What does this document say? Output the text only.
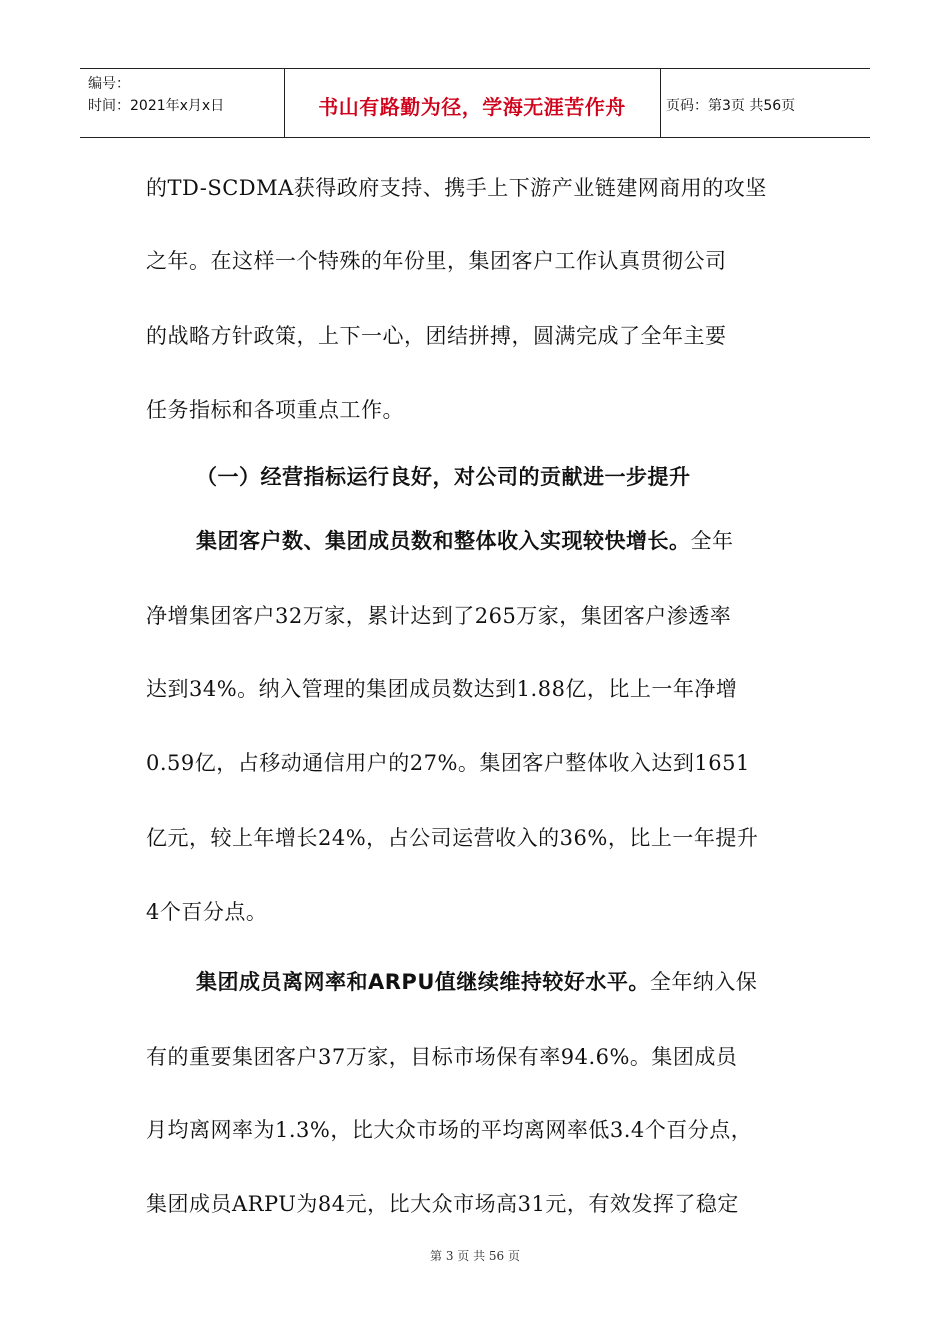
编号：
时间：2021年x月x日	书山有路勤为径，学海无涯苦作舟	页码：第3页 共56页
的TD-SCDMA获得政府支持、携手上下游产业链建网商用的攻坚
之年。在这样一个特殊的年份里，集团客户工作认真贯彻公司
的战略方针政策，上下一心，团结拼搏，圆满完成了全年主要
任务指标和各项重点工作。
（一）经营指标运行良好，对公司的贡献进一步提升
集团客户数、集团成员数和整体收入实现较快增长。全年
净增集团客户32万家，累计达到了265万家，集团客户渗透率
达到34%。纳入管理的集团成员数达到1.88亿，比上一年净增
0.59亿，占移动通信用户的27%。集团客户整体收入达到1651
亿元，较上年增长24%，占公司运营收入的36%，比上一年提升
4个百分点。
集团成员离网率和ARPU值继续维持较好水平。全年纳入保
有的重要集团客户37万家，目标市场保有率94.6%。集团成员
月均离网率为1.3%，比大众市场的平均离网率低3.4个百分点，
集团成员ARPU为84元，比大众市场高31元，有效发挥了稳定
第 3 页 共 56 页
